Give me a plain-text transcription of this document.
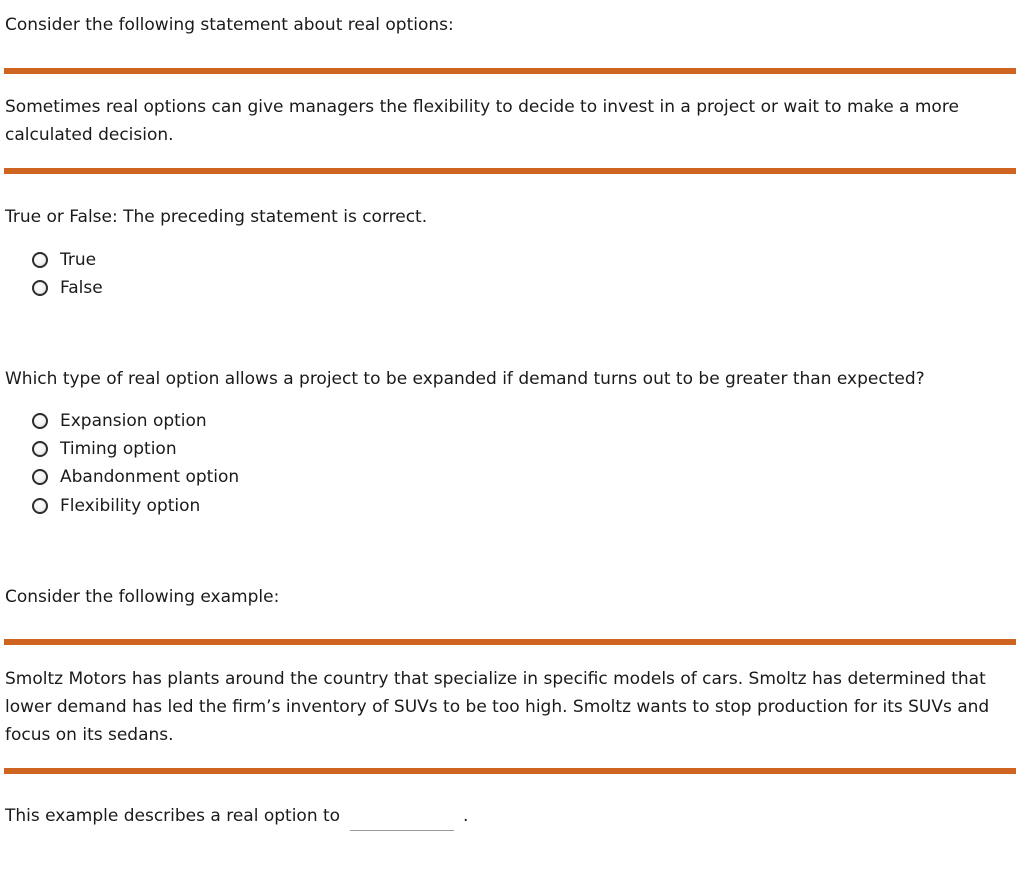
Consider the following statement about real options:
Sometimes real options can give managers the flexibility to decide to invest in a project or wait to make a more calculated decision.
True or False: The preceding statement is correct.
True
False
Which type of real option allows a project to be expanded if demand turns out to be greater than expected?
Expansion option
Timing option
Abandonment option
Flexibility option
Consider the following example:
Smoltz Motors has plants around the country that specialize in specific models of cars. Smoltz has determined that lower demand has led the firm’s inventory of SUVs to be too high. Smoltz wants to stop production for its SUVs and focus on its sedans.
This example describes a real option to	.
